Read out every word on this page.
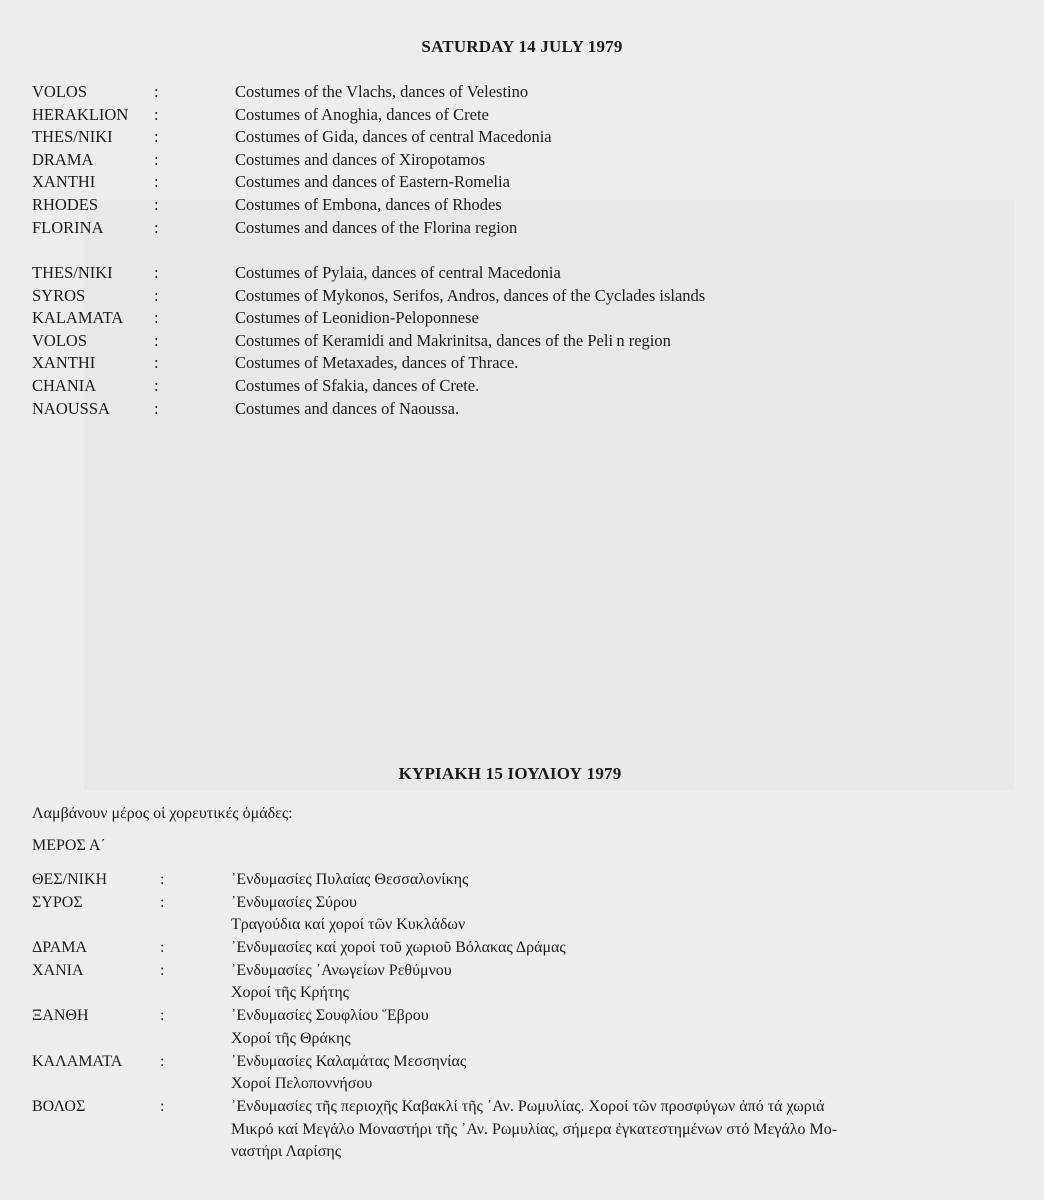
SATURDAY 14 JULY 1979
VOLOS	:	Costumes of the Vlachs, dances of Velestino
HERAKLION :	Costumes of Anoghia, dances of Crete
THES/NIKI	:	Costumes of Gida, dances of central Macedonia
DRAMA	:	Costumes and dances of Xiropotamos
XANTHI	:	Costumes and dances of Eastern-Romelia
RHODES	:	Costumes of Embona, dances of Rhodes
FLORINA	:	Costumes and dances of the Florina region
THES/NIKI	:	Costumes of Pylaia, dances of central Macedonia
SYROS	:	Costumes of Mykonos, Serifos, Andros, dances of the Cyclades islands
KALAMATA :	Costumes of Leonidion-Peloponnese
VOLOS	:	Costumes of Keramidi and Makrinitsa, dances of the Peli n region
XANTHI	:	Costumes of Metaxades, dances of Thrace.
CHANIA	:	Costumes of Sfakia, dances of Crete.
NAOUSSA	:	Costumes and dances of Naoussa.
ΚΥΡΙΑΚΗ 15 ΙΟΥΛΙΟΥ 1979
Λαμβάνουν μέρος οἱ χορευτικές ὁμάδες:
ΜΕΡΟΣ Α΄
ΘΕΣ/ΝΙΚΗ	:	᾿Ενδυμασίες Πυλαίας Θεσσαλονίκης
ΣΥΡΟΣ	:	᾿Ενδυμασίες Σύρου
Τραγούδια καί χοροί τῶν Κυκλάδων
ΔΡΑΜΑ	:	᾿Ενδυμασίες καί χοροί τοῦ χωριοῦ Βόλακας Δράμας
ΧΑΝΙΑ	:	᾿Ενδυμασίες ᾿Ανωγείων Ρεθύμνου
Χοροί τῆς Κρήτης
ΞΑΝΘΗ	:	᾿Ενδυμασίες Σουφλίου Ἕβρου
Χοροί τῆς Θράκης
ΚΑΛΑΜΑΤΑ :	᾿Ενδυμασίες Καλαμάτας Μεσσηνίας
Χοροί Πελοποννήσου
ΒΟΛΟΣ	:	᾿Ενδυμασίες τῆς περιοχῆς Καβακλί τῆς ᾿Αν. Ρωμυλίας. Χοροί τῶν προσφύγων ἀπό τά χωριά
Μικρό καί Μεγάλο Μοναστήρι τῆς ᾿Αν. Ρωμυλίας, σήμερα ἐγκατεστημένων στό Μεγάλο Μο-
ναστήρι Λαρίσης
